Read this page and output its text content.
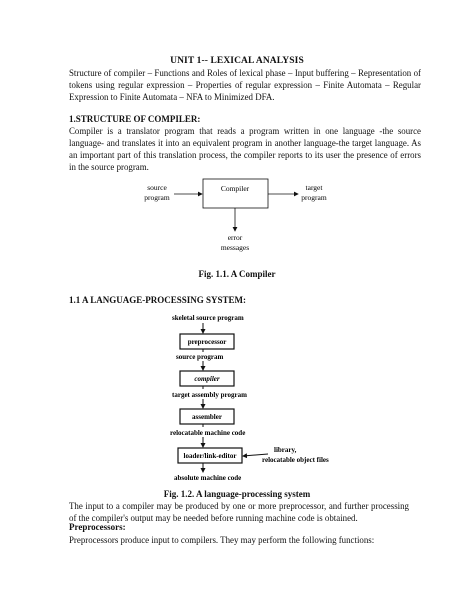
UNIT 1-- LEXICAL ANALYSIS
Structure of compiler – Functions and Roles of lexical phase – Input buffering – Representation of tokens using regular expression – Properties of regular expression – Finite Automata – Regular Expression to Finite Automata – NFA to Minimized DFA.
1.STRUCTURE OF COMPILER:
Compiler is a translator program that reads a program written in one language -the source language- and translates it into an equivalent program in another language-the target language. As an important part of this translation process, the compiler reports to its user the presence of errors in the source program.
source
program
Compiler	target
program
error
messages
Fig. 1.1. A Compiler
1.1 A LANGUAGE-PROCESSING SYSTEM:
skeletal source program
preprocessor
source program
compiler
target assembly program
assembler
relocatable machine code
loader/link-editor
library,
relocatable object files
absolute machine code
Fig. 1.2. A language-processing system
The input to a compiler may be produced by one or more preprocessor, and further processing of the compiler's output may be needed before running machine code is obtained.
Preprocessors:
Preprocessors produce input to compilers. They may perform the following functions:
